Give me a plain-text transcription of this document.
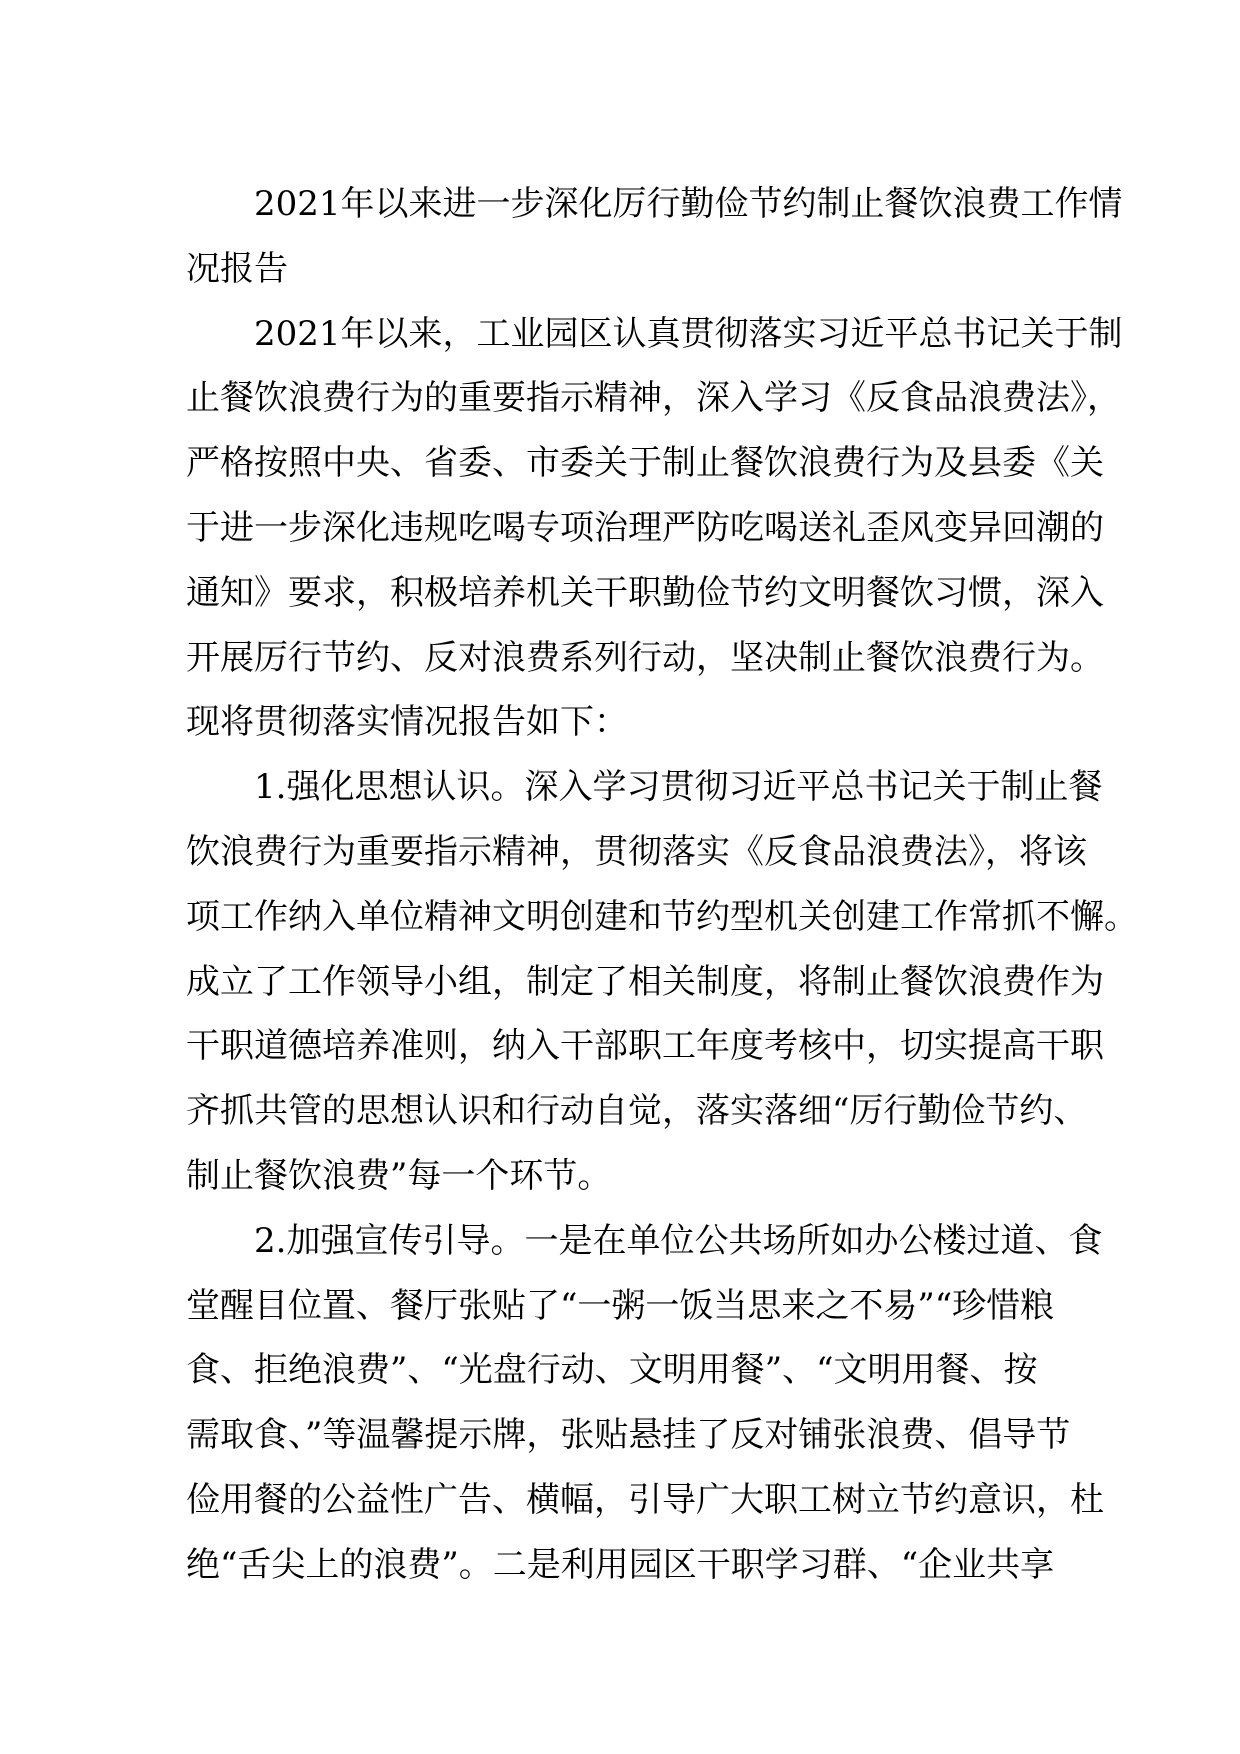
2021年以来进一步深化厉行勤俭节约制止餐饮浪费工作情
况报告
2021年以来，工业园区认真贯彻落实习近平总书记关于制
止餐饮浪费行为的重要指示精神，深入学习《反食品浪费法》，
严格按照中央、省委、市委关于制止餐饮浪费行为及县委《关
于进一步深化违规吃喝专项治理严防吃喝送礼歪风变异回潮的
通知》要求，积极培养机关干职勤俭节约文明餐饮习惯，深入
开展厉行节约、反对浪费系列行动，坚决制止餐饮浪费行为。
现将贯彻落实情况报告如下：
1.强化思想认识。深入学习贯彻习近平总书记关于制止餐
饮浪费行为重要指示精神，贯彻落实《反食品浪费法》，将该
项工作纳入单位精神文明创建和节约型机关创建工作常抓不懈。
成立了工作领导小组，制定了相关制度，将制止餐饮浪费作为
干职道德培养准则，纳入干部职工年度考核中，切实提高干职
齐抓共管的思想认识和行动自觉，落实落细“厉行勤俭节约、
制止餐饮浪费”每一个环节。
2.加强宣传引导。一是在单位公共场所如办公楼过道、食
堂醒目位置、餐厅张贴了“一粥一饭当思来之不易”“珍惜粮
食、拒绝浪费”、“光盘行动、文明用餐”、“文明用餐、按
需取食、”等温馨提示牌，张贴悬挂了反对铺张浪费、倡导节
俭用餐的公益性广告、横幅，引导广大职工树立节约意识，杜
绝“舌尖上的浪费”。二是利用园区干职学习群、“企业共享
